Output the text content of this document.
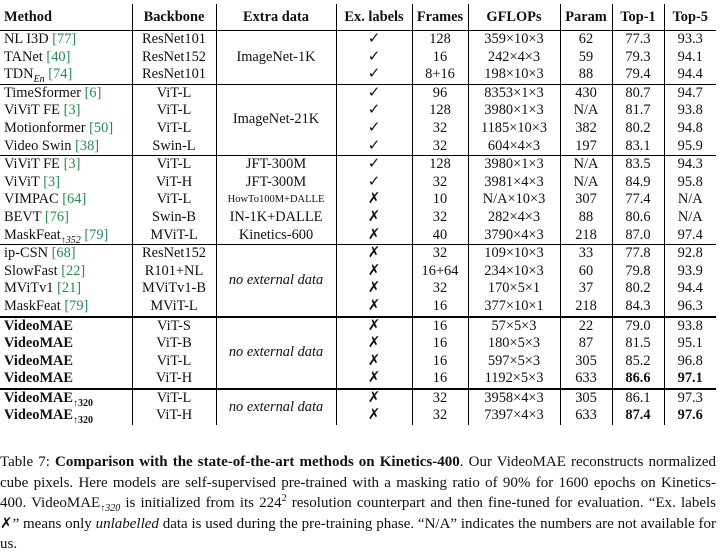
Method	Backbone	Extra data	Ex. labels	Frames	GFLOPs	Param	Top-1	Top-5
NL I3D [77]	ResNet101	ImageNet-1K	✓	128	359×10×3	62	77.3	93.3
TANet [40]	ResNet152		✓	16	242×4×3	59	79.3	94.1
$TDN_{En}$ [74]	ResNet101		✓	8+16	198×10×3	88	79.4	94.4
TimeSformer [6]	ViT-L	ImageNet-21K	✓	96	8353×1×3	430	80.7	94.7
ViViT FE [3]	ViT-L		✓	128	3980×1×3	N/A	81.7	93.8
Motionformer [50]	ViT-L		✓	32	1185×10×3	382	80.2	94.8
Video Swin [38]	Swin-L		✓	32	604×4×3	197	83.1	95.9
ViViT FE [3]	ViT-L	JFT-300M	✓	128	3980×1×3	N/A	83.5	94.3
ViViT [3]	ViT-H	JFT-300M	✓	32	3981×4×3	N/A	84.9	95.8
VIMPAC [64]	ViT-L	HowTo100M+DALLE	✗	10	N/A×10×3	307	77.4	N/A
BEVT [76]	Swin-B	IN-1K+DALLE	✗	32	282×4×3	88	80.6	N/A
MaskFeat$_{↑352}$ [79]	MViT-L	Kinetics-600	✗	40	3790×4×3	218	87.0	97.4
ip-CSN [68]	ResNet152	no external data	✗	32	109×10×3	33	77.8	92.8
SlowFast [22]	R101+NL		✗	16+64	234×10×3	60	79.8	93.9
MViTv1 [21]	MViTv1-B		✗	32	170×5×1	37	80.2	94.4
MaskFeat [79]	MViT-L		✗	16	377×10×1	218	84.3	96.3
VideoMAE	ViT-S	no external data	✗	16	57×5×3	22	79.0	93.8
VideoMAE	ViT-B		✗	16	180×5×3	87	81.5	95.1
VideoMAE	ViT-L		✗	16	597×5×3	305	85.2	96.8
VideoMAE	ViT-H		✗	16	1192×5×3	633	86.6	97.1
VideoMAE$_{↑320}$	ViT-L	no external data	✗	32	3958×4×3	305	86.1	97.3
VideoMAE$_{↑320}$	ViT-H		✗	32	7397×4×3	633	87.4	97.6
Table 7: Comparison with the state-of-the-art methods on Kinetics-400. Our VideoMAE reconstructs normalized cube pixels. Here models are self-supervised pre-trained with a masking ratio of 90% for 1600 epochs on Kinetics-400. VideoMAE$_{↑320}$ is initialized from its $224^2$ resolution counterpart and then fine-tuned for evaluation. “Ex. labels ✗” means only unlabelled data is used during the pre-training phase. “N/A” indicates the numbers are not available for us.
